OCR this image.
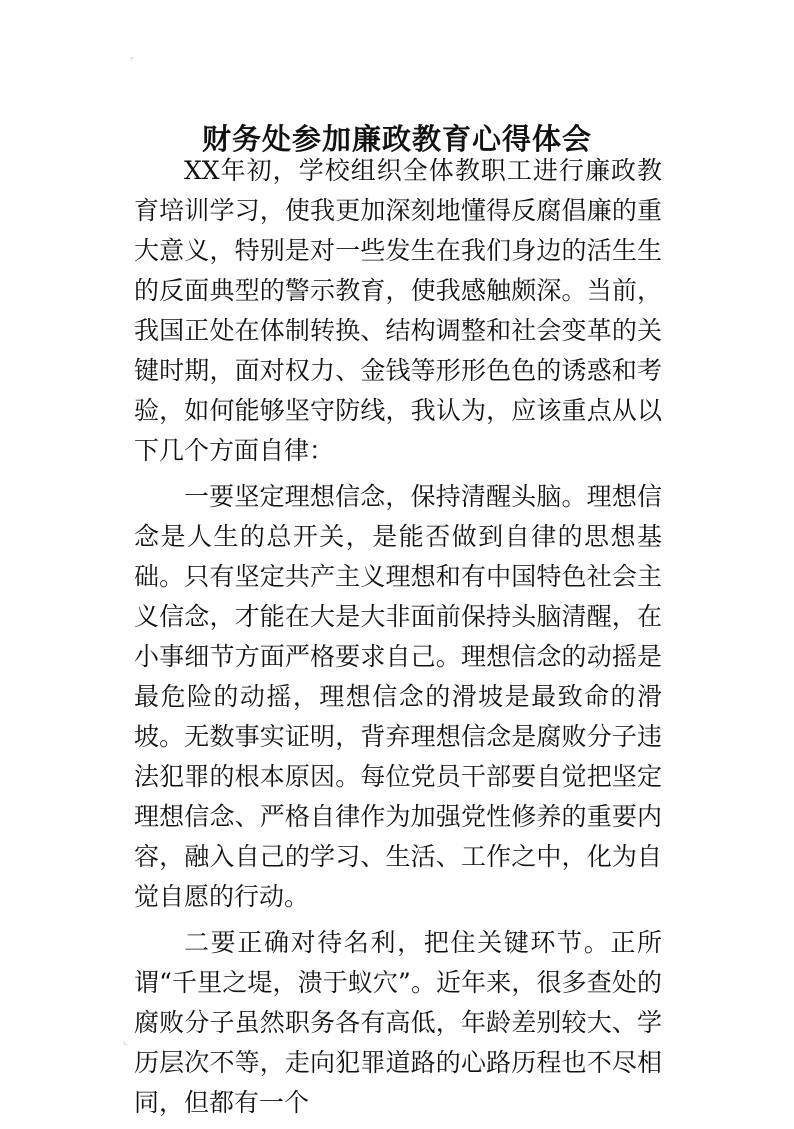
⌜
财务处参加廉政教育心得体会

XX年初，学校组织全体教职工进行廉政教育培训学习，使我更加深刻地懂得反腐倡廉的重大意义，特别是对一些发生在我们身边的活生生的反面典型的警示教育，使我感触颇深。当前，我国正处在体制转换、结构调整和社会变革的关键时期，面对权力、金钱等形形色色的诱惑和考验，如何能够坚守防线，我认为，应该重点从以下几个方面自律：

一要坚定理想信念，保持清醒头脑。理想信念是人生的总开关，是能否做到自律的思想基础。只有坚定共产主义理想和有中国特色社会主义信念，才能在大是大非面前保持头脑清醒，在小事细节方面严格要求自己。理想信念的动摇是最危险的动摇，理想信念的滑坡是最致命的滑坡。无数事实证明，背弃理想信念是腐败分子违法犯罪的根本原因。每位党员干部要自觉把坚定理想信念、严格自律作为加强党性修养的重要内容，融入自己的学习、生活、工作之中，化为自觉自愿的行动。

二要正确对待名利，把住关键环节。正所谓“千里之堤，溃于蚁穴”。近年来，很多查处的腐败分子虽然职务各有高低，年龄差别较大、学历层次不等，走向犯罪道路的心路历程也不尽相同，但都有一个

⌞
